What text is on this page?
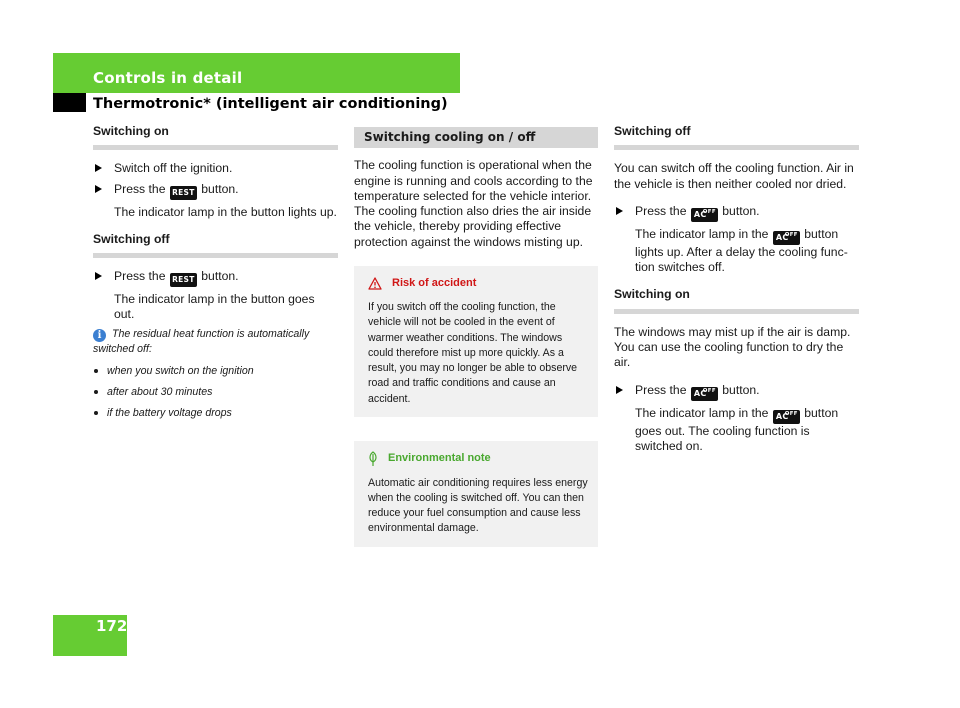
Controls in detail
Thermotronic* (intelligent air conditioning)
Switching on
Switch off the ignition.
Press the REST button.
The indicator lamp in the button lights up.
Switching off
Press the REST button.
The indicator lamp in the button goes out.
i The residual heat function is automatically switched off:
when you switch on the ignition
after about 30 minutes
if the battery voltage drops
Switching cooling on / off
The cooling function is operational when the engine is running and cools according to the temperature selected for the vehicle interior. The cooling function also dries the air inside the vehicle, thereby providing effective protection against the windows misting up.
Risk of accident
If you switch off the cooling function, the vehicle will not be cooled in the event of warmer weather conditions. The windows could therefore mist up more quickly. As a result, you may no longer be able to observe road and traffic conditions and cause an accident.
Environmental note
Automatic air conditioning requires less energy when the cooling is switched off. You can then reduce your fuel consumption and cause less environmental damage.
Switching off
You can switch off the cooling function. Air in the vehicle is then neither cooled nor dried.
Press the AC
OFF button.
The indicator lamp in the AC
OFF button lights up. After a delay the cooling function switches off.
Switching on
The windows may mist up if the air is damp. You can use the cooling function to dry the air.
Press the AC
OFF button.
The indicator lamp in the AC
OFF button goes out. The cooling function is switched on.
172
